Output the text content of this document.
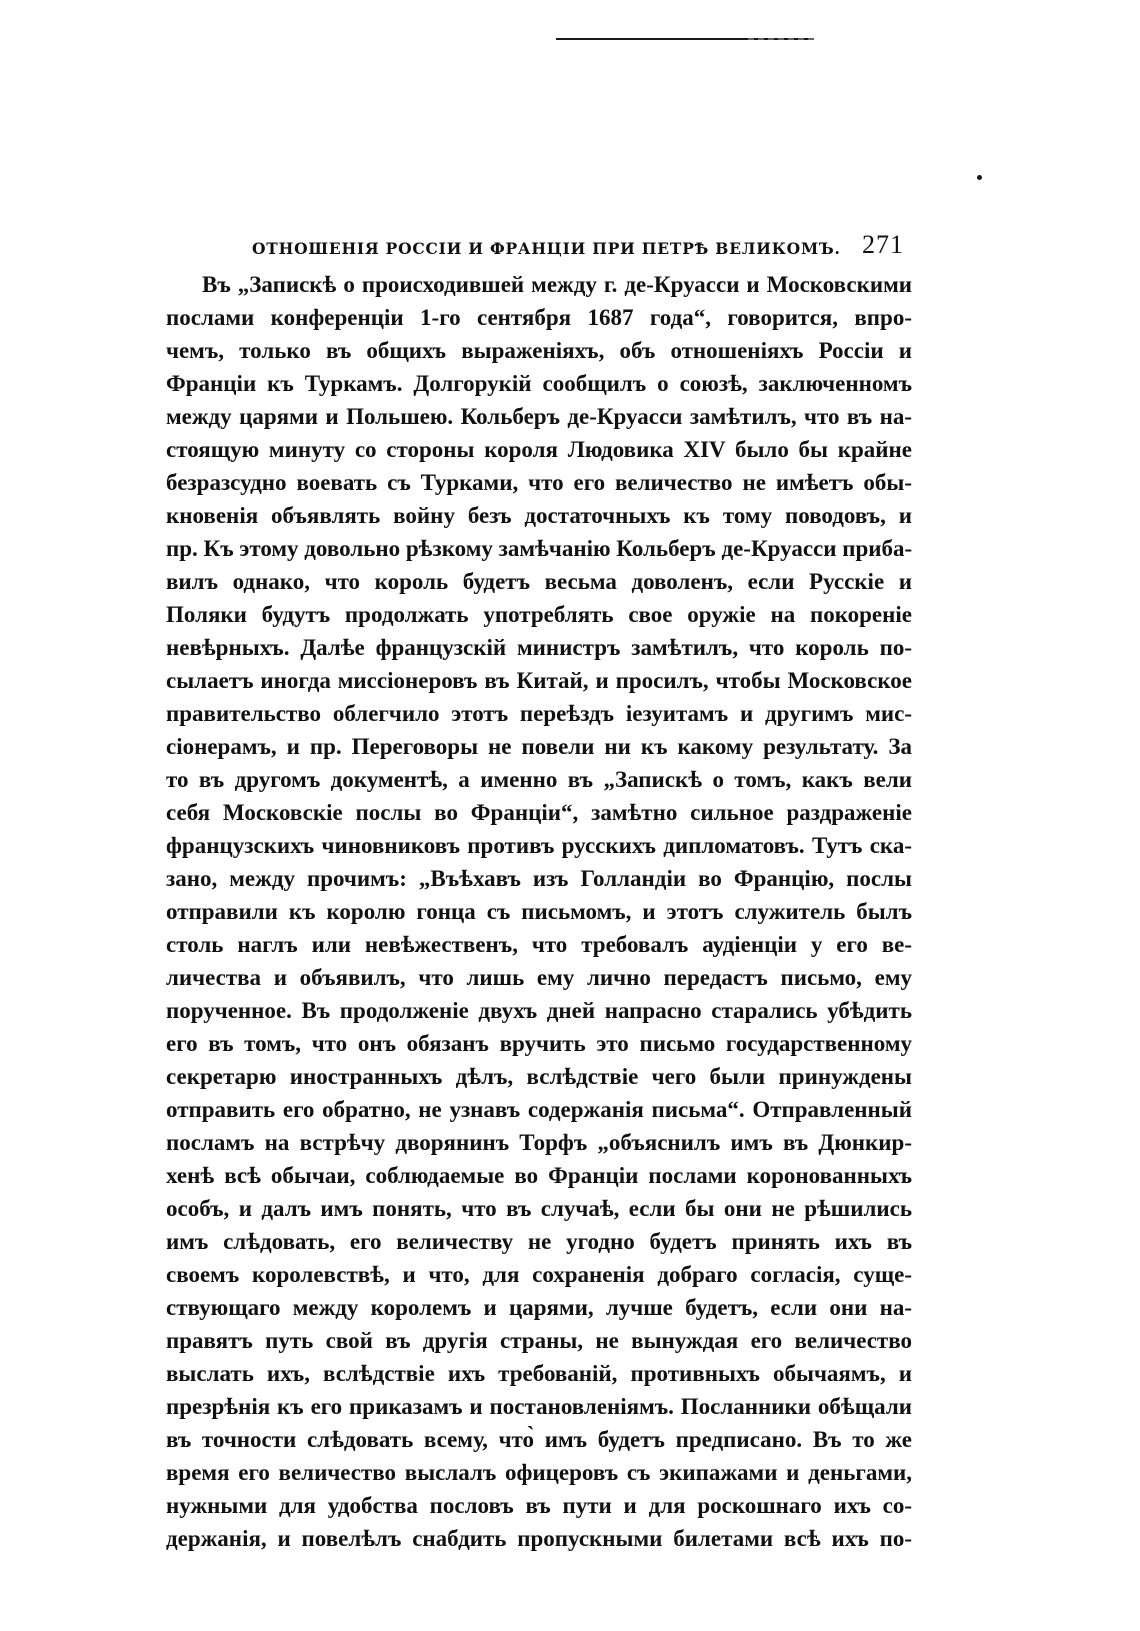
ОТНОШЕНІЯ РОССІИ И ФРАНЦІИ ПРИ ПЕТРѢ ВЕЛИКОМЪ. 271
Въ „Запискѣ о происходившей между г. де-Круасси и Московскими
послами конференціи 1-го сентября 1687 года“, говорится, впро-
чемъ, только въ общихъ выраженіяхъ, объ отношеніяхъ Россіи и
Франціи къ Туркамъ. Долгорукій сообщилъ о союзѣ, заключенномъ
между царями и Польшею. Кольберъ де-Круасси замѣтилъ, что въ на-
стоящую минуту со стороны короля Людовика XIV было бы крайне
безразсудно воевать съ Турками, что его величество не имѣетъ обы-
кновенія объявлять войну безъ достаточныхъ къ тому поводовъ, и
пр. Къ этому довольно рѣзкому замѣчанію Кольберъ де-Круасси приба-
вилъ однако, что король будетъ весьма доволенъ, если Русскіе и
Поляки будутъ продолжать употреблять свое оружіе на покореніе
невѣрныхъ. Далѣе французскій министръ замѣтилъ, что король по-
сылаетъ иногда миссіонеровъ въ Китай, и просилъ, чтобы Московское
правительство облегчило этотъ переѣздъ іезуитамъ и другимъ мис-
сіонерамъ, и пр. Переговоры не повели ни къ какому результату. За
то въ другомъ документѣ, а именно въ „Запискѣ о томъ, какъ вели
себя Московскіе послы во Франціи“, замѣтно сильное раздраженіе
французскихъ чиновниковъ противъ русскихъ дипломатовъ. Тутъ ска-
зано, между прочимъ: „Въѣхавъ изъ Голландіи во Францію, послы
отправили къ королю гонца съ письмомъ, и этотъ служитель былъ
столь наглъ или невѣжественъ, что требовалъ аудіенціи у его ве-
личества и объявилъ, что лишь ему лично передастъ письмо, ему
порученное. Въ продолженіе двухъ дней напрасно старались убѣдить
его въ томъ, что онъ обязанъ вручить это письмо государственному
секретарю иностранныхъ дѣлъ, вслѣдствіе чего были принуждены
отправить его обратно, не узнавъ содержанія письма“. Отправленный
посламъ на встрѣчу дворянинъ Торфъ „объяснилъ имъ въ Дюнкир-
хенѣ всѣ обычаи, соблюдаемые во Франціи послами коронованныхъ
особъ, и далъ имъ понять, что въ случаѣ, если бы они не рѣшились
имъ слѣдовать, его величеству не угодно будетъ принять ихъ въ
своемъ королевствѣ, и что, для сохраненія добраго согласія, суще-
ствующаго между королемъ и царями, лучше будетъ, если они на-
правятъ путь свой въ другія страны, не вынуждая его величество
выслать ихъ, вслѣдствіе ихъ требованій, противныхъ обычаямъ, и
презрѣнія къ его приказамъ и постановленіямъ. Посланники обѣщали
въ точности слѣдовать всему, что̀ имъ будетъ предписано. Въ то же
время его величество выслалъ офицеровъ съ экипажами и деньгами,
нужными для удобства пословъ въ пути и для роскошнаго ихъ со-
держанія, и повелѣлъ снабдить пропускными билетами всѣ ихъ по-
